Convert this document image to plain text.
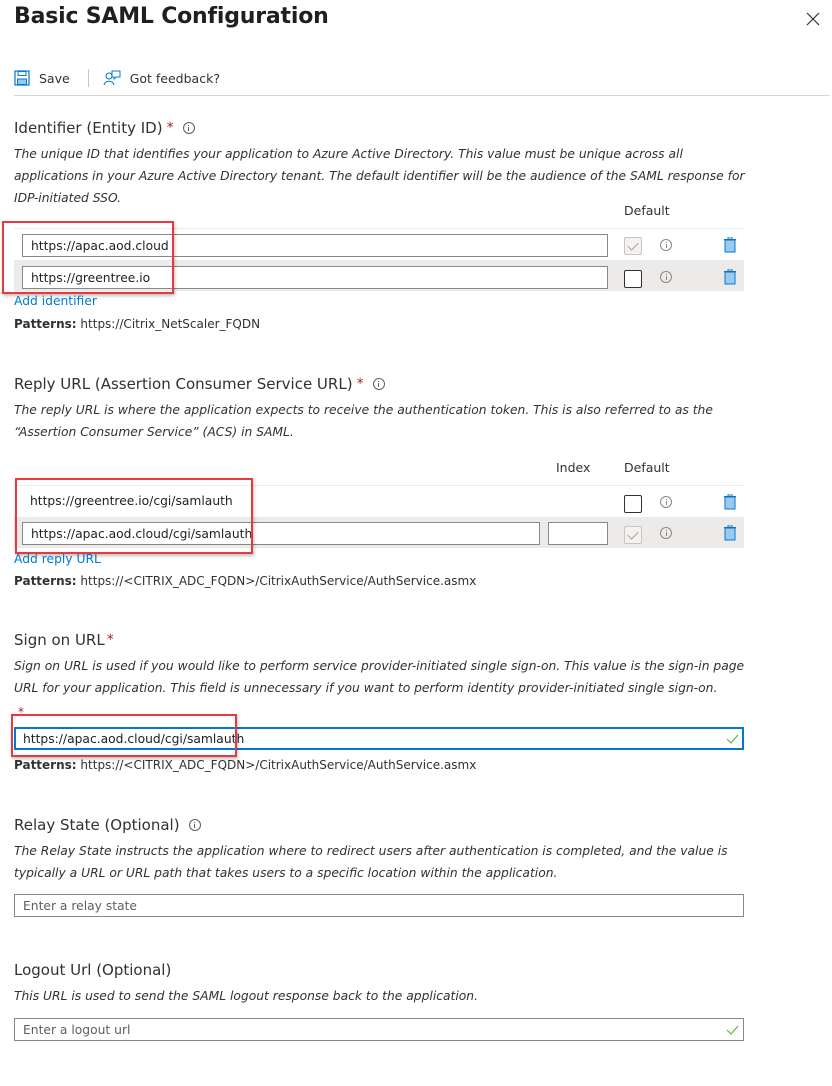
Basic SAML Configuration
Save	Got feedback?
Identifier (Entity ID) *
The unique ID that identifies your application to Azure Active Directory. This value must be unique across all applications in your Azure Active Directory tenant. The default identifier will be the audience of the SAML response for IDP-initiated SSO.
Default
https://apac.aod.cloud
https://greentree.io
Add identifier
Patterns: https://Citrix_NetScaler_FQDN
Reply URL (Assertion Consumer Service URL) *
The reply URL is where the application expects to receive the authentication token. This is also referred to as the “Assertion Consumer Service” (ACS) in SAML.
Index	Default
https://greentree.io/cgi/samlauth
https://apac.aod.cloud/cgi/samlauth
Add reply URL
Patterns: https://<CITRIX_ADC_FQDN>/CitrixAuthService/AuthService.asmx
Sign on URL *
Sign on URL is used if you would like to perform service provider-initiated single sign-on. This value is the sign-in page URL for your application. This field is unnecessary if you want to perform identity provider-initiated single sign-on.
*
https://apac.aod.cloud/cgi/samlauth
Patterns: https://<CITRIX_ADC_FQDN>/CitrixAuthService/AuthService.asmx
Relay State (Optional)
The Relay State instructs the application where to redirect users after authentication is completed, and the value is typically a URL or URL path that takes users to a specific location within the application.
Enter a relay state
Logout Url (Optional)
This URL is used to send the SAML logout response back to the application.
Enter a logout url
